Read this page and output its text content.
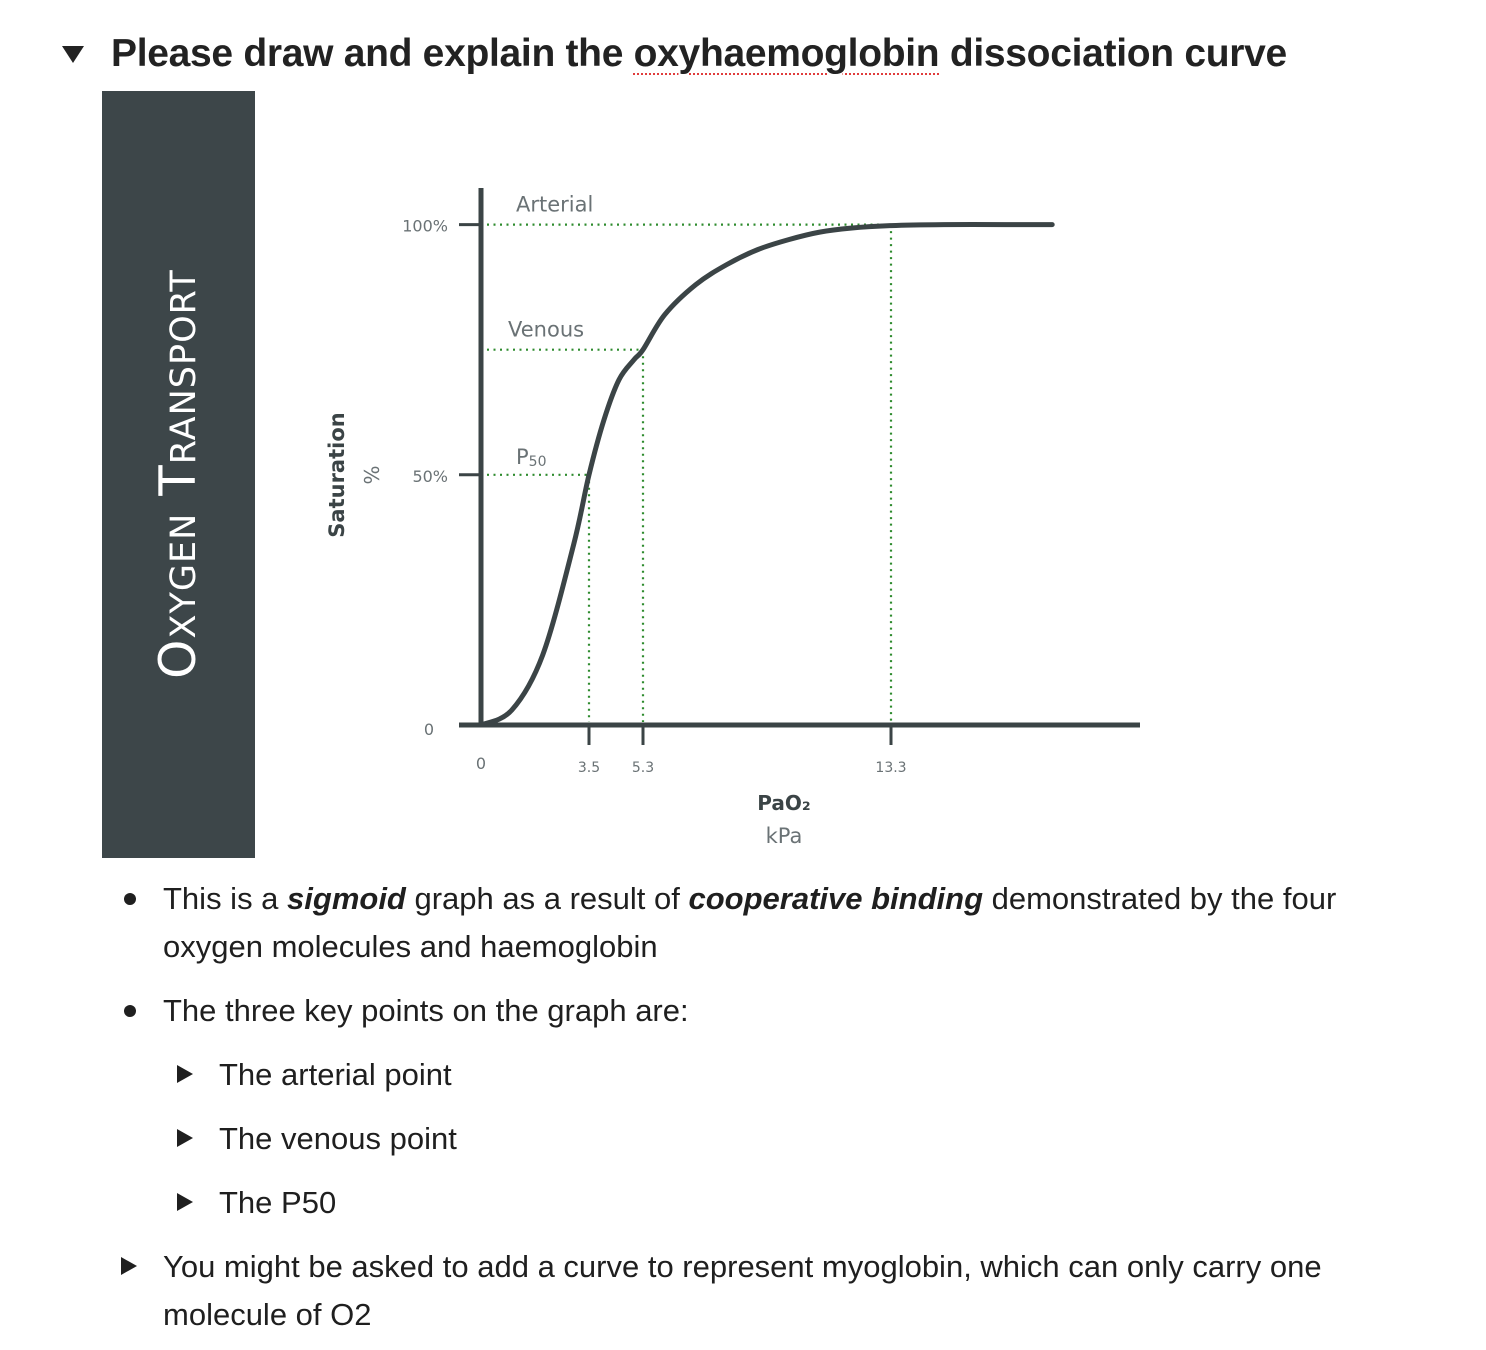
Please draw and explain the oxyhaemoglobin dissociation curve
Oxygen Transport
0
50%
100%
0	3.5 5.3	13.3
Arterial
Venous
P50
Saturation %
PaO₂
kPa
This is a sigmoid graph as a result of cooperative binding demonstrated by the four
oxygen molecules and haemoglobin
The three key points on the graph are:
The arterial point
The venous point
The P50
You might be asked to add a curve to represent myoglobin, which can only carry one
molecule of O2
